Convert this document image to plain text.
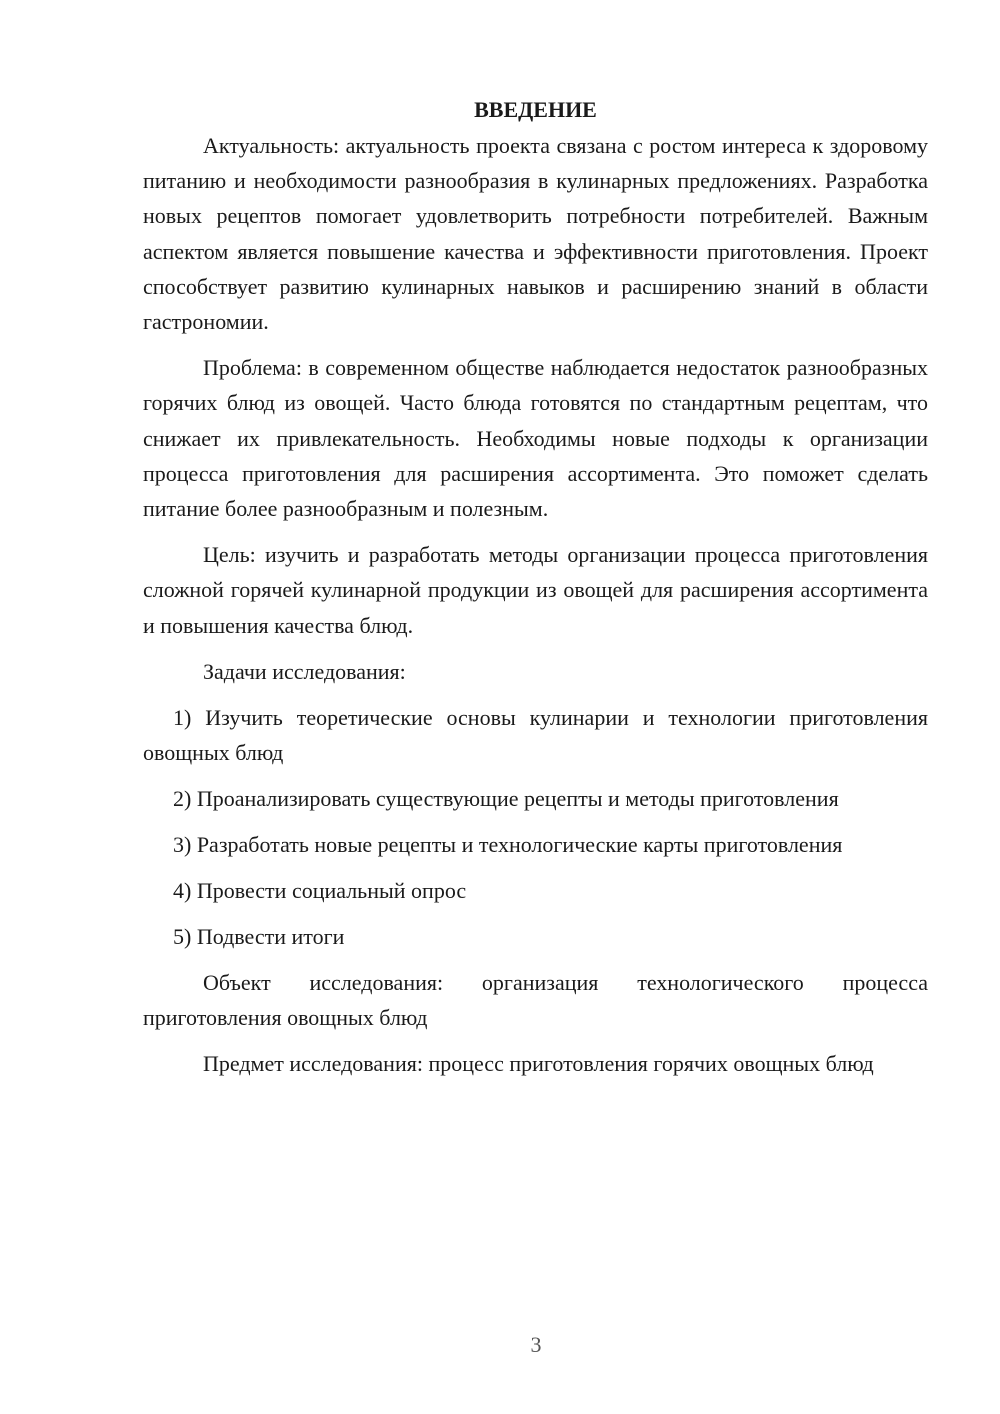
ВВЕДЕНИЕ

Актуальность: актуальность проекта связана с ростом интереса к здоровому питанию и необходимости разнообразия в кулинарных предложениях. Разработка новых рецептов помогает удовлетворить потребности потребителей. Важным аспектом является повышение качества и эффективности приготовления. Проект способствует развитию кулинарных навыков и расширению знаний в области гастрономии.

Проблема: в современном обществе наблюдается недостаток разнообразных горячих блюд из овощей. Часто блюда готовятся по стандартным рецептам, что снижает их привлекательность. Необходимы новые подходы к организации процесса приготовления для расширения ассортимента. Это поможет сделать питание более разнообразным и полезным.

Цель: изучить и разработать методы организации процесса приготовления сложной горячей кулинарной продукции из овощей для расширения ассортимента и повышения качества блюд.

Задачи исследования:

1) Изучить теоретические основы кулинарии и технологии приготовления овощных блюд

2) Проанализировать существующие рецепты и методы приготовления

3) Разработать новые рецепты и технологические карты приготовления

4) Провести социальный опрос

5) Подвести итоги

Объект исследования: организация технологического процесса приготовления овощных блюд

Предмет исследования: процесс приготовления горячих овощных блюд

3
